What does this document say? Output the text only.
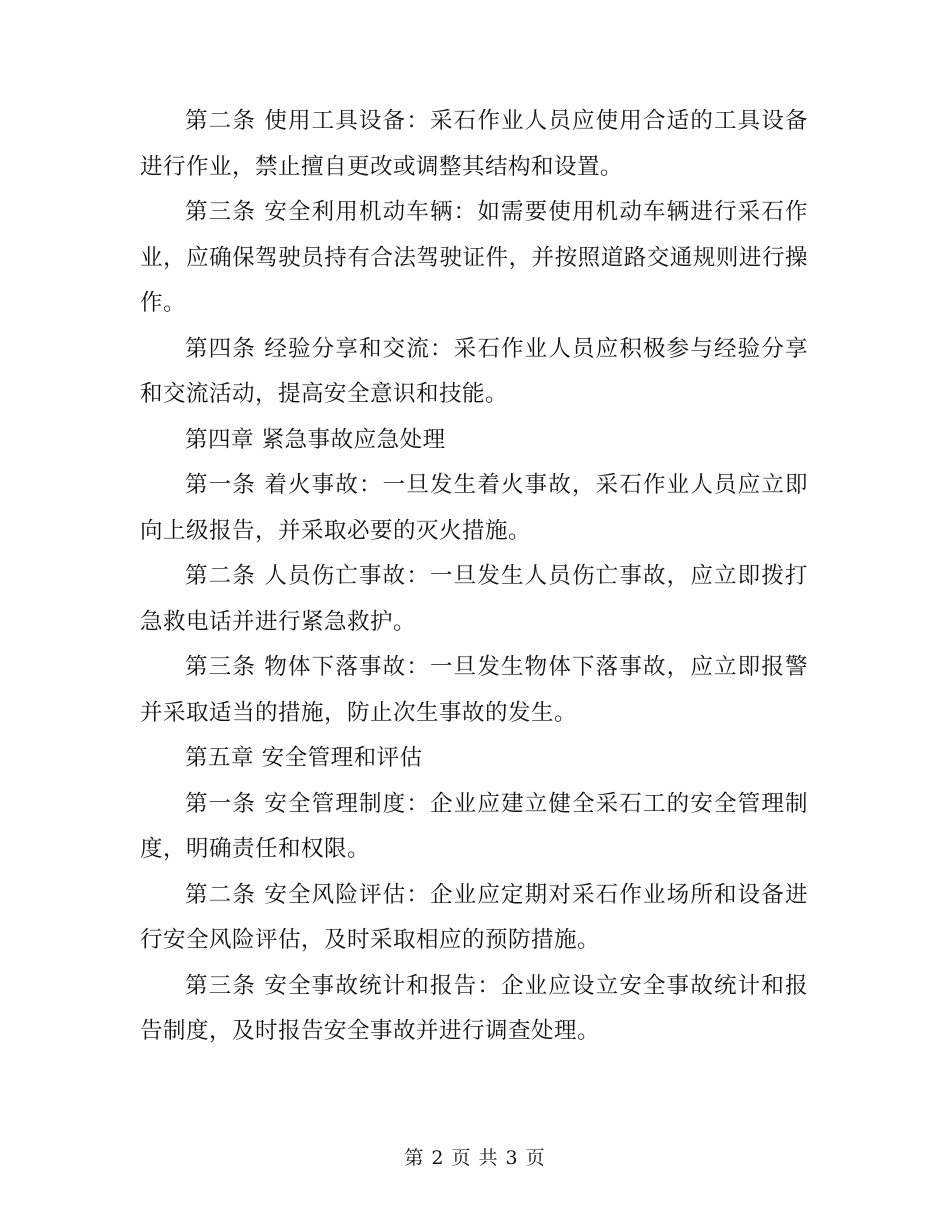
第二条 使用工具设备：采石作业人员应使用合适的工具设备进行作业，禁止擅自更改或调整其结构和设置。

第三条 安全利用机动车辆：如需要使用机动车辆进行采石作业，应确保驾驶员持有合法驾驶证件，并按照道路交通规则进行操作。

第四条 经验分享和交流：采石作业人员应积极参与经验分享和交流活动，提高安全意识和技能。

第四章 紧急事故应急处理

第一条 着火事故：一旦发生着火事故，采石作业人员应立即向上级报告，并采取必要的灭火措施。

第二条 人员伤亡事故：一旦发生人员伤亡事故，应立即拨打急救电话并进行紧急救护。

第三条 物体下落事故：一旦发生物体下落事故，应立即报警并采取适当的措施，防止次生事故的发生。

第五章 安全管理和评估

第一条 安全管理制度：企业应建立健全采石工的安全管理制度，明确责任和权限。

第二条 安全风险评估：企业应定期对采石作业场所和设备进行安全风险评估，及时采取相应的预防措施。

第三条 安全事故统计和报告：企业应设立安全事故统计和报告制度，及时报告安全事故并进行调查处理。

第 2 页 共 3 页
